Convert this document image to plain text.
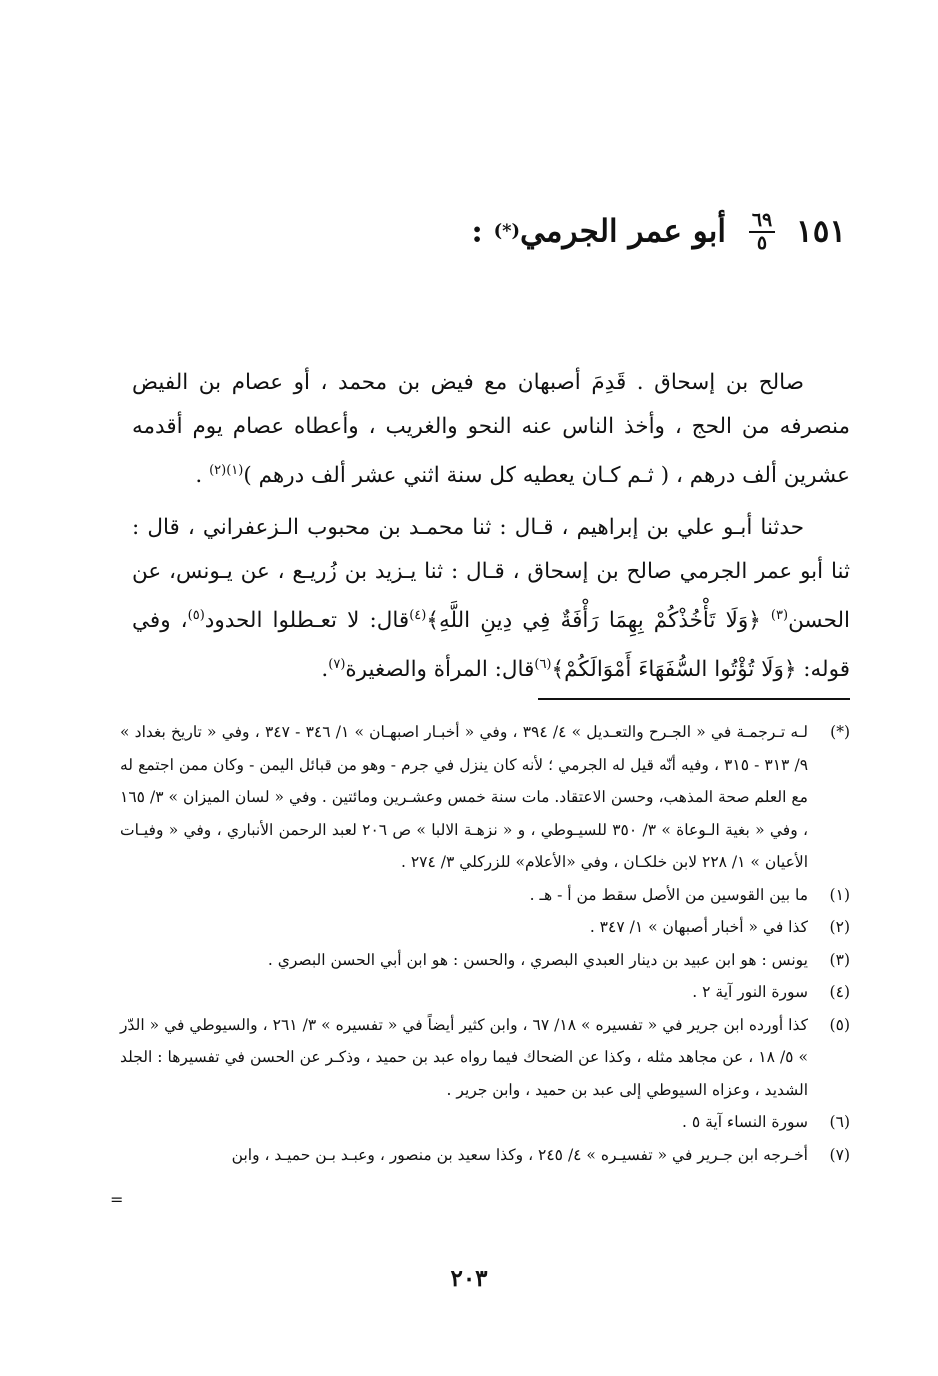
١٥١
$\frac{٦٩}{٥}$
أبو عمر الجرمي(*) :

صالح بن إسحاق . قَدِمَ أصبهان مع فيض بن محمد ، أو عصام بن الفيض منصرفه من الحج ، وأخذ الناس عنه النحو والغريب ، وأعطاه عصام يوم أقدمه عشرين ألف درهم ، ( ثـم كـان يعطيه كل سنة اثني عشر ألف درهم )$^{(١)(٢)}$ .

حدثنا أبـو علي بن إبراهيم ، قـال : ثنا محمـد بن محبوب الـزعفراني ، قال : ثنا أبو عمر الجرمي صالح بن إسحاق ، قـال : ثنا يـزيد بن زُريـع ، عن يـونس، عن الحسن$^{(٣)}$ ﴿وَلَا تَأْخُذْكُمْ بِهِمَا رَأْفَةٌ فِي دِينِ اللَّهِ﴾$^{(٤)}$قال: لا تعـطلوا الحدود$^{(٥)}$، وفي قوله: ﴿وَلَا تُؤْتُوا السُّفَهَاءَ أَمْوَالَكُمْ﴾$^{(٦)}$قال: المرأة والصغيرة$^{(٧)}$.

(*)
لـه تـرجمـة في « الجـرح والتعـديل » ٤/ ٣٩٤ ، وفي « أخبـار اصبهـان » ١/ ٣٤٦ - ٣٤٧ ، وفي « تاريخ بغداد » ٩/ ٣١٣ - ٣١٥ ، وفيه أنّه قيل له الجرمي ؛ لأنه كان ينزل في جرم - وهو من قبائل اليمن - وكان ممن اجتمع له مع العلم صحة المذهب، وحسن الاعتقاد. مات سنة خمس وعشـرين ومائتين . وفي « لسان الميزان » ٣/ ١٦٥ ، وفي « بغية الـوعاة » ٣/ ٣٥٠ للسيـوطي ، و « نزهـة الالبا » ص ٢٠٦ لعبد الرحمن الأنباري ، وفي « وفيـات الأعيان » ١/ ٢٢٨ لابن خلكـان ، وفي «الأعلام» للزركلي ٣/ ٢٧٤ .
(١)
ما بين القوسين من الأصل سقط من أ - هـ .
(٢)
كذا في « أخبار أصبهان » ١/ ٣٤٧ .
(٣)
يونس : هو ابن عبيد بن دينار العبدي البصري ، والحسن : هو ابن أبي الحسن البصري .
(٤)
سورة النور آية ٢ .
(٥)
كذا أورده ابن جرير في « تفسيره » ١٨/ ٦٧ ، وابن كثير أيضاً في « تفسيره » ٣/ ٢٦١ ، والسيوطي في « الدّر » ٥/ ١٨ ، عن مجاهد مثله ، وكذا عن الضحاك فيما رواه عبد بن حميد ، وذكـر عن الحسن في تفسيرها : الجلد الشديد ، وعزاه السيوطي إلى عبد بن حميد ، وابن جرير .
(٦)
سورة النساء آية ٥ .
(٧)
أخـرجه ابن جـرير في « تفسيـره » ٤/ ٢٤٥ ، وكذا سعيد بن منصور ، وعبـد بـن حميـد ، وابن
=
٢٠٣
